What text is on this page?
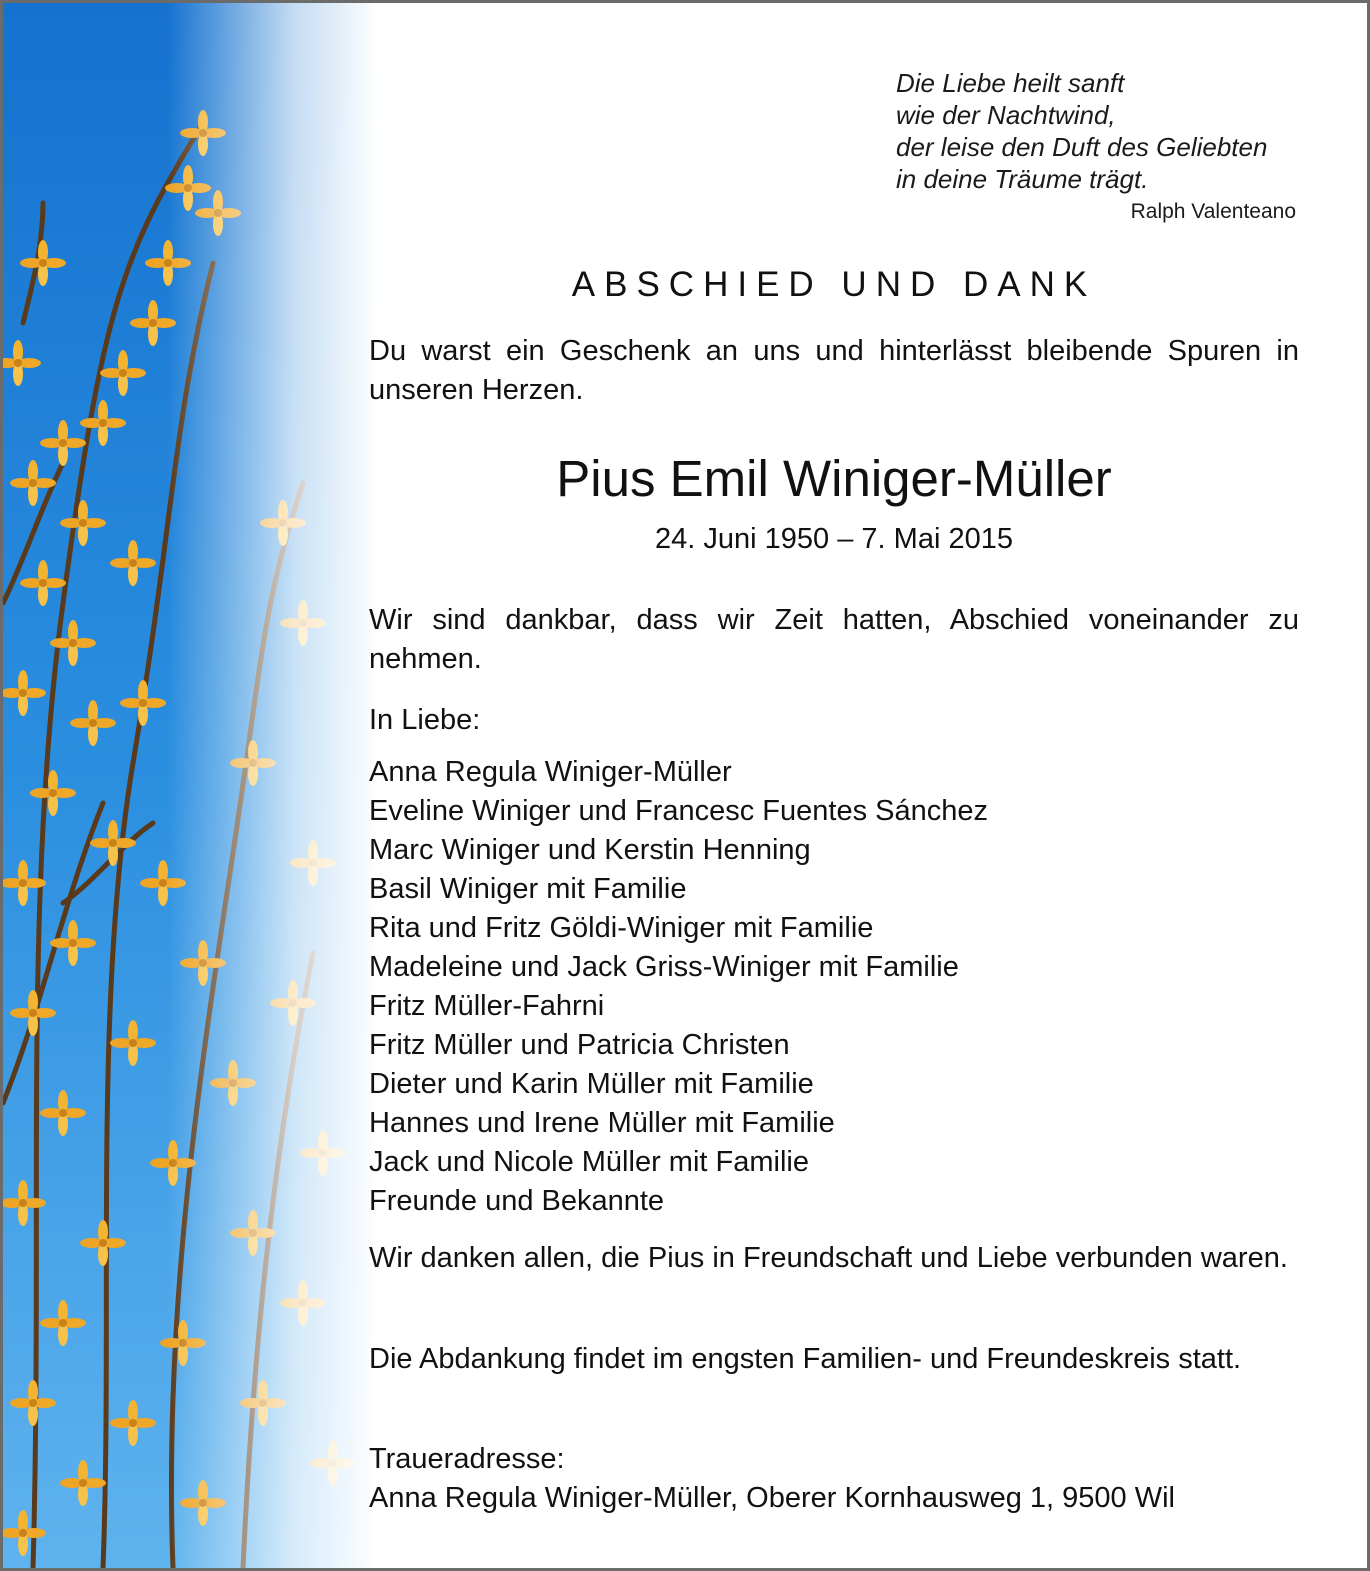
Die Liebe heilt sanft
wie der Nachtwind,
der leise den Duft des Geliebten
in deine Träume trägt.
Ralph Valenteano
ABSCHIED UND DANK
Du warst ein Geschenk an uns und hinterlässt bleibende Spuren in unseren Herzen.
Pius Emil Winiger-Müller
24. Juni 1950 – 7. Mai 2015
Wir sind dankbar, dass wir Zeit hatten, Abschied voneinander zu nehmen.
In Liebe:
Anna Regula Winiger-Müller
Eveline Winiger und Francesc Fuentes Sánchez
Marc Winiger und Kerstin Henning
Basil Winiger mit Familie
Rita und Fritz Göldi-Winiger mit Familie
Madeleine und Jack Griss-Winiger mit Familie
Fritz Müller-Fahrni
Fritz Müller und Patricia Christen
Dieter und Karin Müller mit Familie
Hannes und Irene Müller mit Familie
Jack und Nicole Müller mit Familie
Freunde und Bekannte
Wir danken allen, die Pius in Freundschaft und Liebe verbunden waren.
Die Abdankung findet im engsten Familien- und Freundeskreis statt.
Traueradresse:
Anna Regula Winiger-Müller, Oberer Kornhausweg 1, 9500 Wil
